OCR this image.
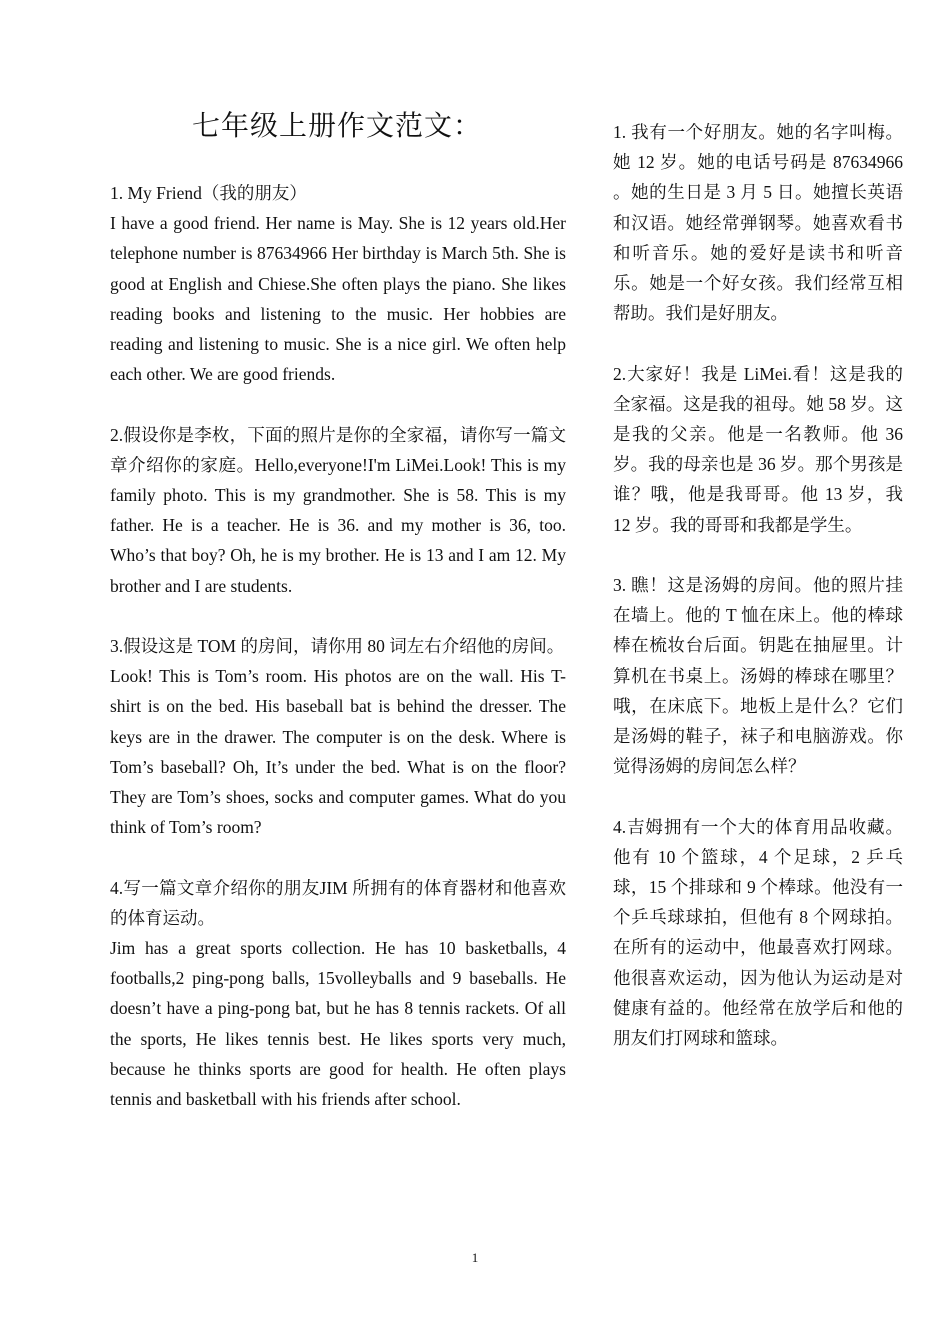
七年级上册作文范文：

1. My Friend（我的朋友）

I have a good friend. Her name is May. She is 12 years old.Her telephone number is 87634966 Her birthday is March 5th. She is good at English and Chiese.She often plays the piano. She likes reading books and listening to the music. Her hobbies are reading and listening to music. She is a nice girl. We often help each other. We are good friends.

2.假设你是李枚，下面的照片是你的全家福，请你写一篇文章介绍你的家庭。Hello,everyone!I'm LiMei.Look! This is my family photo. This is my grandmother. She is 58. This is my father. He is a teacher. He is 36. and my mother is 36, too. Who’s that boy? Oh, he is my brother. He is 13 and I am 12. My brother and I are students.

3.假设这是 TOM 的房间，请你用 80 词左右介绍他的房间。

Look! This is Tom’s room. His photos are on the wall. His T-shirt is on the bed. His baseball bat is behind the dresser. The keys are in the drawer. The computer is on the desk. Where is Tom’s baseball? Oh, It’s under the bed. What is on the floor? They are Tom’s shoes, socks and computer games. What do you think of Tom’s room?

4.写一篇文章介绍你的朋友JIM 所拥有的体育器材和他喜欢的体育运动。

Jim has a great sports collection. He has 10 basketballs, 4 footballs,2 ping-pong balls, 15volleyballs and 9 baseballs. He doesn’t have a ping-pong bat, but he has 8 tennis rackets. Of all the sports, He likes tennis best. He likes sports very much, because he thinks sports are good for health. He often plays tennis and basketball with his friends after school.

1. 我有一个好朋友。她的名字叫梅。她 12 岁。她的电话号码是 87634966 。她的生日是 3 月 5 日。她擅长英语和汉语。她经常弹钢琴。她喜欢看书和听音乐。她的爱好是读书和听音乐。她是一个好女孩。我们经常互相帮助。我们是好朋友。

2.大家好！我是 LiMei.看！这是我的全家福。这是我的祖母。她 58 岁。这是我的父亲。他是一名教师。他 36 岁。我的母亲也是 36 岁。那个男孩是谁？哦，他是我哥哥。他 13 岁，我 12 岁。我的哥哥和我都是学生。

3. 瞧！这是汤姆的房间。他的照片挂在墙上。他的 T 恤在床上。他的棒球棒在梳妆台后面。钥匙在抽屉里。计算机在书桌上。汤姆的棒球在哪里？哦，在床底下。地板上是什么？它们是汤姆的鞋子，袜子和电脑游戏。你觉得汤姆的房间怎么样？

4.吉姆拥有一个大的体育用品收藏。他有 10 个篮球，4 个足球，2 乒乓球，15 个排球和 9 个棒球。他没有一个乒乓球球拍，但他有 8 个网球拍。在所有的运动中，他最喜欢打网球。他很喜欢运动，因为他认为运动是对健康有益的。他经常在放学后和他的朋友们打网球和篮球。

1
